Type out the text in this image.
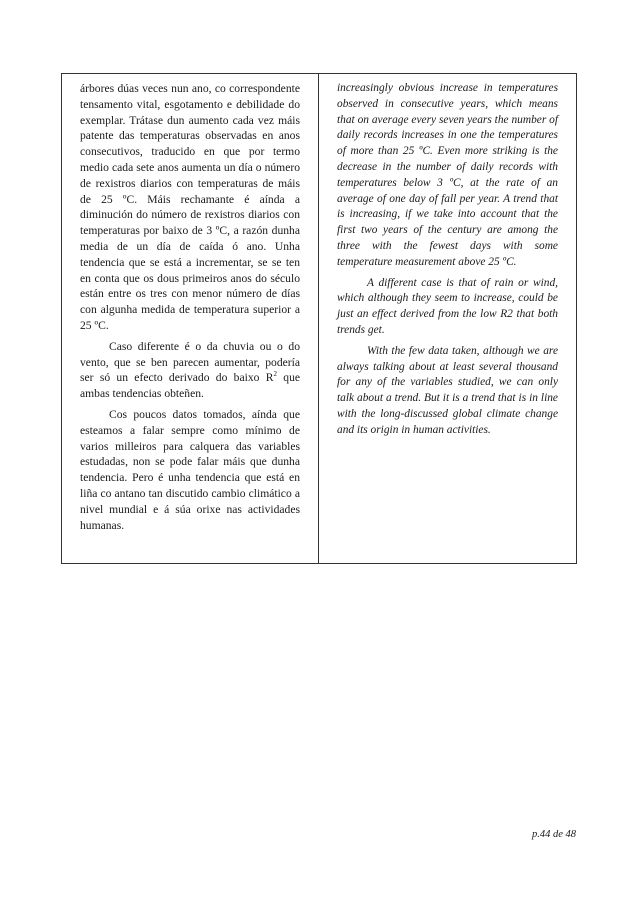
árbores dúas veces nun ano, co correspondente tensamento vital, esgotamento e debilidade do exemplar. Trátase dun aumento cada vez máis patente das temperaturas observadas en anos consecutivos, traducido en que por termo medio cada sete anos aumenta un día o número de rexistros diarios con temperaturas de máis de 25 ºC. Máis rechamante é aínda a diminución do número de rexistros diarios con temperaturas por baixo de 3 ºC, a razón dunha media de un día de caída ó ano. Unha tendencia que se está a incrementar, se se ten en conta que os dous primeiros anos do século están entre os tres con menor número de días con algunha medida de temperatura superior a 25 ºC.

Caso diferente é o da chuvia ou o do vento, que se ben parecen aumentar, podería ser só un efecto derivado do baixo $R^2$ que ambas tendencias obteñen.

Cos poucos datos tomados, aínda que esteamos a falar sempre como mínimo de varios milleiros para calquera das variables estudadas, non se pode falar máis que dunha tendencia. Pero é unha tendencia que está en liña co antano tan discutido cambio climático a nivel mundial e á súa orixe nas actividades humanas.

increasingly obvious increase in temperatures observed in consecutive years, which means that on average every seven years the number of daily records increases in one the temperatures of more than 25 ºC. Even more striking is the decrease in the number of daily records with temperatures below 3 ºC, at the rate of an average of one day of fall per year. A trend that is increasing, if we take into account that the first two years of the century are among the three with the fewest days with some temperature measurement above 25 ºC.

A different case is that of rain or wind, which although they seem to increase, could be just an effect derived from the low R2 that both trends get.

With the few data taken, although we are always talking about at least several thousand for any of the variables studied, we can only talk about a trend. But it is a trend that is in line with the long-discussed global climate change and its origin in human activities.

p.44 de 48
